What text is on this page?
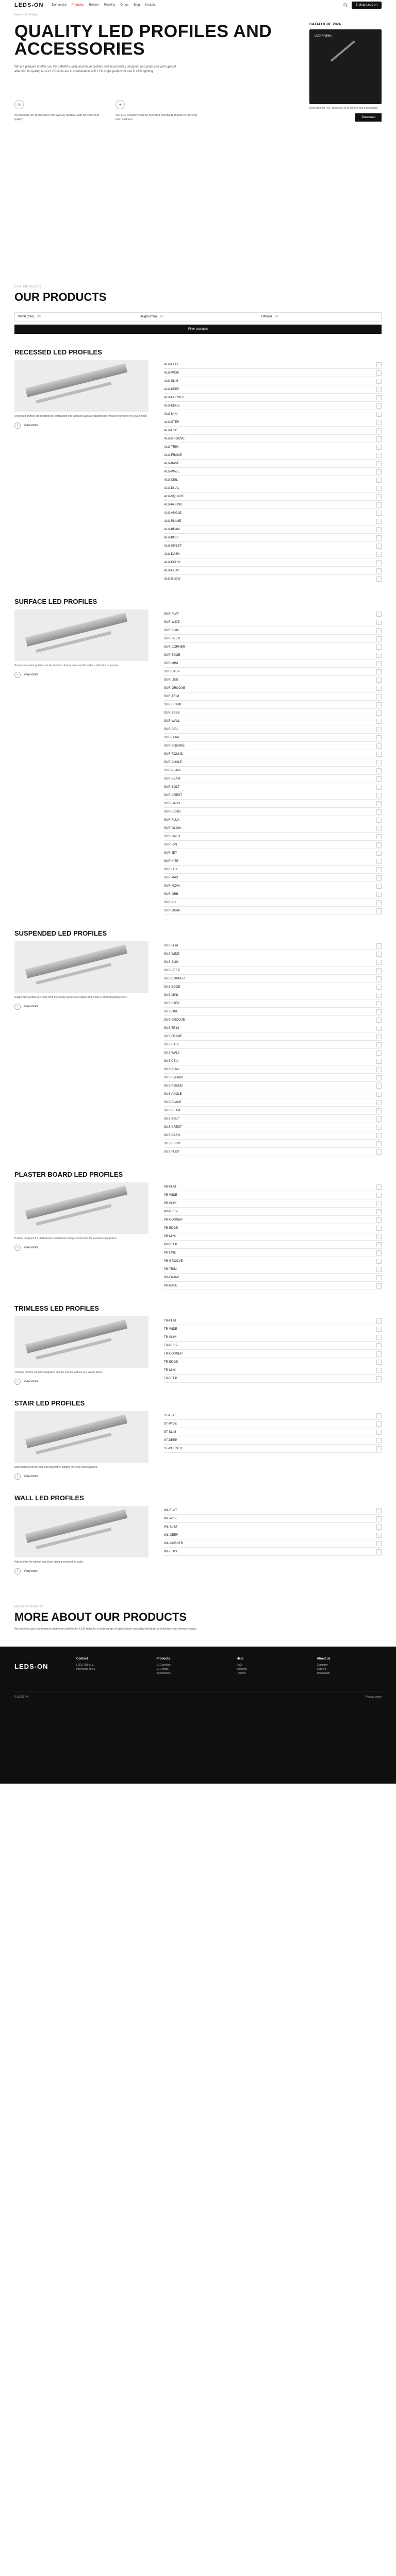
LEDS-ON	Domovská Produkty Řešení Projekty O nás Blog Kontakt	E-shop Leds-on
Home / LED Profiles
QUALITY LED PROFILES AND ACCESSORIES

We are pleased to offer you PREMIUM quality aluminum profiles and accessories designed and produced with special attention to quality. All our LED lines are in combination with LED strips perfect for use in LED lighting.

◎

All products are produced in our own EU facilities with full control of quality.

➜

Our LED solutions can be delivered worldwide thanks to our long-term partners.

CATALOGUE 2024
LED Profiles

Download the PDF catalogue of all profiles and accessories.

Download
OUR PRODUCTS
OUR PRODUCTS
Width (mm) All	Height (mm) All	Diffuser All
Filter products
RECESSED LED PROFILES

Recessed profiles are designed for installation into surfaces such as plasterboard, wood or furniture for a flush finish.

›	View more
ALU-FLAT	›
ALU-WIDE	›
ALU-SLIM	›
ALU-DEEP	›
ALU-CORNER	›
ALU-EDGE	›
ALU-MINI	›
ALU-STEP	›
ALU-LINE	›
ALU-GROOVE	›
ALU-TRIM	›
ALU-FRAME	›
ALU-BASE	›
ALU-WALL	›
ALU-CEIL	›
ALU-DUAL	›
ALU-SQUARE	›
ALU-ROUND	›
ALU-ANGLE	›
ALU-PLANE	›
ALU-BEAM	›
ALU-BOLT	›
ALU-CREST	›
ALU-DASH	›
ALU-ECHO	›
ALU-FLUX	›
ALU-GLOW	›
SURFACE LED PROFILES

Surface-mounted profiles can be attached directly onto any flat surface with clips or screws.

›	View more
SUR-FLAT	›
SUR-WIDE	›
SUR-SLIM	›
SUR-DEEP	›
SUR-CORNER	›
SUR-EDGE	›
SUR-MINI	›
SUR-STEP	›
SUR-LINE	›
SUR-GROOVE	›
SUR-TRIM	›
SUR-FRAME	›
SUR-BASE	›
SUR-WALL	›
SUR-CEIL	›
SUR-DUAL	›
SUR-SQUARE	›
SUR-ROUND	›
SUR-ANGLE	›
SUR-PLANE	›
SUR-BEAM	›
SUR-BOLT	›
SUR-CREST	›
SUR-DASH	›
SUR-ECHO	›
SUR-FLUX	›
SUR-GLOW	›
SUR-HALO	›
SUR-ION	›
SUR-JET	›
SUR-KITE	›
SUR-LUX	›
SUR-MAX	›
SUR-NOVA	›
SUR-ORB	›
SUR-PIX	›
SUR-QUAD	›
SUSPENDED LED PROFILES

Suspended profiles are hung from the ceiling using steel cables and create a striking lighting effect.

›	View more
SUS-FLAT	›
SUS-WIDE	›
SUS-SLIM	›
SUS-DEEP	›
SUS-CORNER	›
SUS-EDGE	›
SUS-MINI	›
SUS-STEP	›
SUS-LINE	›
SUS-GROOVE	›
SUS-TRIM	›
SUS-FRAME	›
SUS-BASE	›
SUS-WALL	›
SUS-CEIL	›
SUS-DUAL	›
SUS-SQUARE	›
SUS-ROUND	›
SUS-ANGLE	›
SUS-PLANE	›
SUS-BEAM	›
SUS-BOLT	›
SUS-CREST	›
SUS-DASH	›
SUS-ECHO	›
SUS-FLUX	›
PLASTER BOARD LED PROFILES

Profiles designed for plasterboard installation during construction for seamless integration.

›	View more
PB-FLAT	›
PB-WIDE	›
PB-SLIM	›
PB-DEEP	›
PB-CORNER	›
PB-EDGE	›
PB-MINI	›
PB-STEP	›
PB-LINE	›
PB-GROOVE	›
PB-TRIM	›
PB-FRAME	›
PB-BASE	›
TRIMLESS LED PROFILES

Trimless profiles are fully integrated into the surface without any visible frame.

›	View more
TR-FLAT	›
TR-WIDE	›
TR-SLIM	›
TR-DEEP	›
TR-CORNER	›
TR-EDGE	›
TR-MINI	›
TR-STEP	›
STAIR LED PROFILES

Stair profiles provide safe and decorative lighting for steps and stairways.

›	View more
ST-FLAT	›
ST-WIDE	›
ST-SLIM	›
ST-DEEP	›
ST-CORNER	›
WALL LED PROFILES

Wall profiles for indirect and direct lighting mounted on walls.

›	View more
WL-FLAT	›
WL-WIDE	›
WL-SLIM	›
WL-DEEP	›
WL-CORNER	›
WL-EDGE	›
MORE PRODUCTS
MORE ABOUT OUR PRODUCTS

We develop and manufacture aluminum profiles for LED strips for a wide range of applications including furniture, architecture and interior design.

LEDS-ON
Contact
LEDS-ON s.r.o.
info@leds-on.eu
Products
LED profiles
LED strips
Accessories
Help
FAQ
Shipping
Returns
About us
Company
Careers
Downloads
© LEDS-ON	Privacy policy
